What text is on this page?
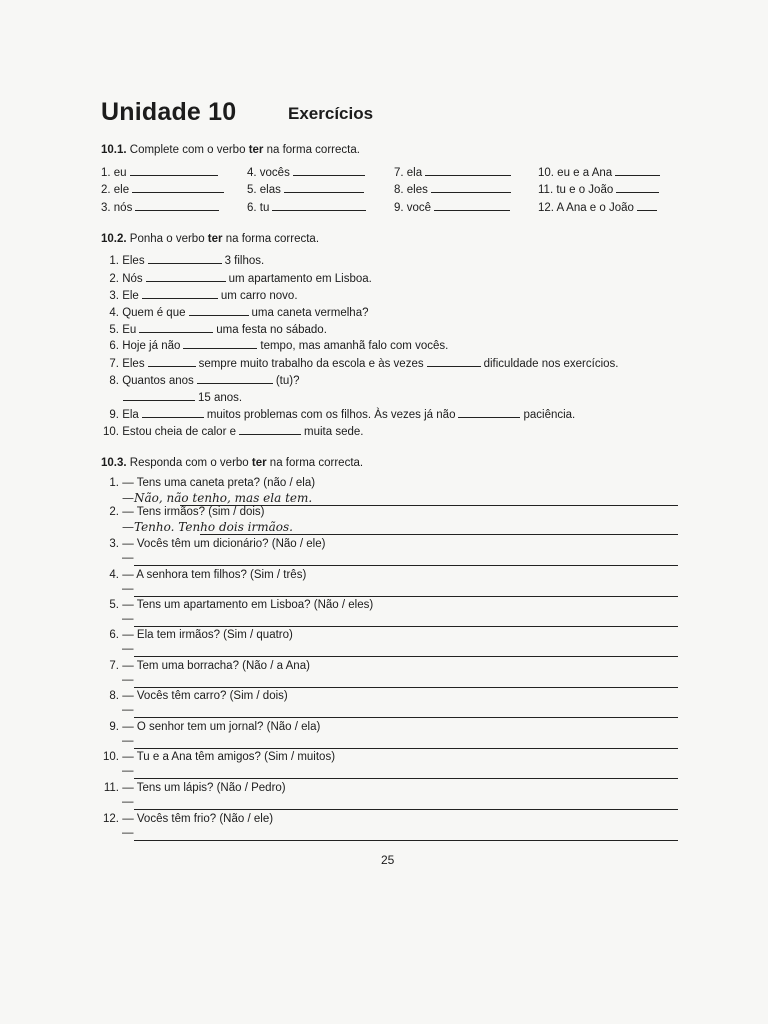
Unidade 10	Exercícios
10.1. Complete com o verbo ter na forma correcta.
1. eu	4. vocês	7. ela	10. eu e a Ana
2. ele	5. elas	8. eles	11. tu e o João
3. nós	6. tu	9. você	12. A Ana e o João
10.2. Ponha o verbo ter na forma correcta.
1. Eles	3 filhos.
2. Nós	um apartamento em Lisboa.
3. Ele	um carro novo.
4. Quem é que	uma caneta vermelha?
5. Eu	uma festa no sábado.
6. Hoje já não	tempo, mas amanhã falo com vocês.
7. Eles	sempre muito trabalho da escola e às vezes	dificuldade nos exercícios.
8. Quantos anos	(tu)?
15 anos.
9. Ela	muitos problemas com os filhos. Às vezes já não	paciência.
10. Estou cheia de calor e	muita sede.
10.3. Responda com o verbo ter na forma correcta.
1. — Tens uma caneta preta? (não / ela)
—Não, não tenho, mas ela tem.
2. — Tens irmãos? (sim / dois)
—Tenho. Tenho dois irmãos.
3. — Vocês têm um dicionário? (Não / ele)
—
4. — A senhora tem filhos? (Sim / três)
—
5. — Tens um apartamento em Lisboa? (Não / eles)
—
6. — Ela tem irmãos? (Sim / quatro)
—
7. — Tem uma borracha? (Não / a Ana)
—
8. — Vocês têm carro? (Sim / dois)
—
9. — O senhor tem um jornal? (Não / ela)
—
10. — Tu e a Ana têm amigos? (Sim / muitos)
—
11. — Tens um lápis? (Não / Pedro)
—
12. — Vocês têm frio? (Não / ele)
—
25
